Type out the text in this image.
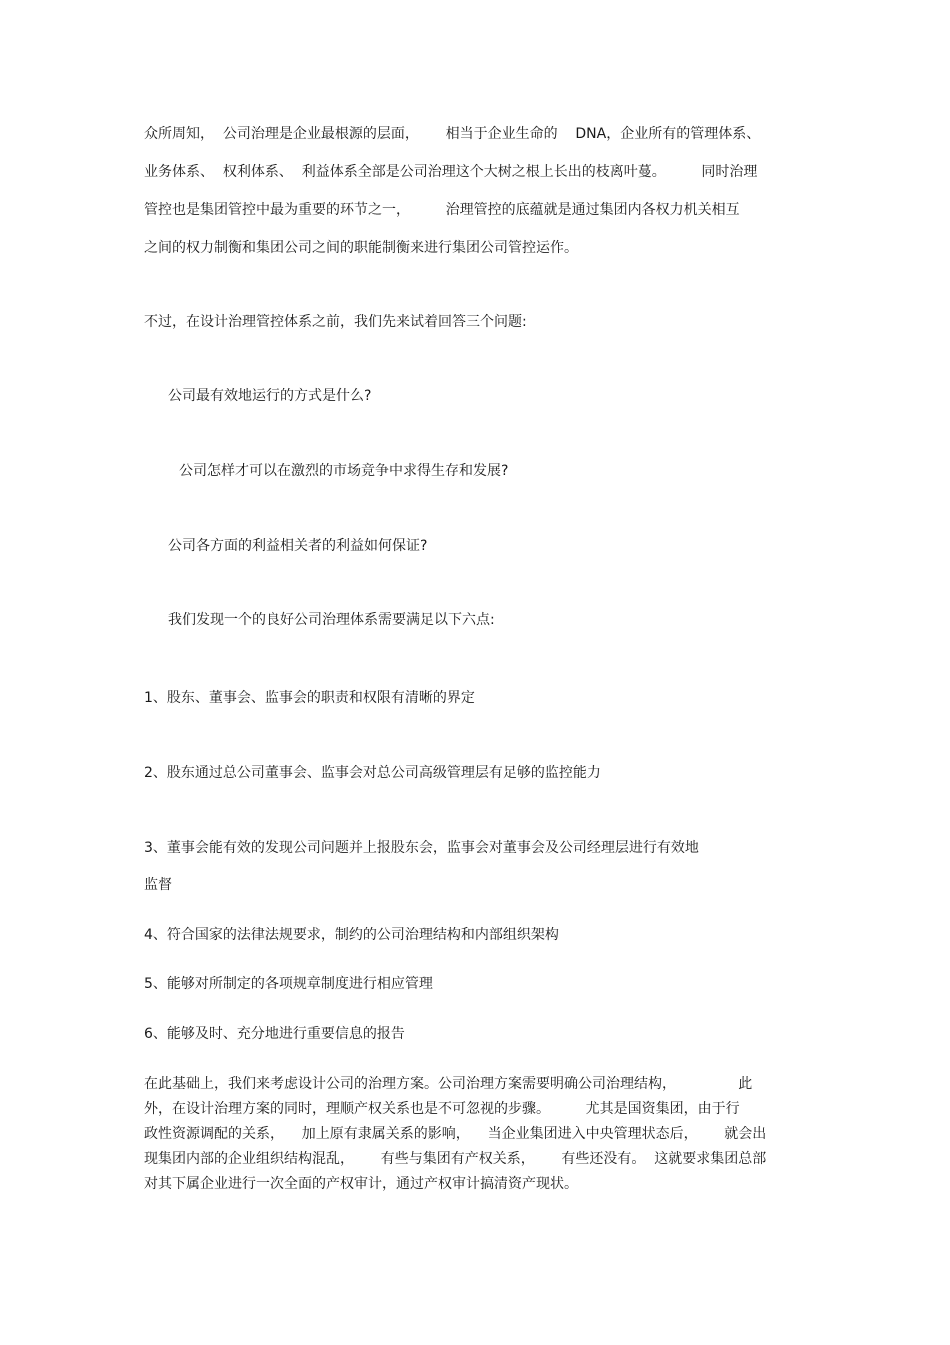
众所周知，  公司治理是企业最根源的层面，      相当于企业生命的    DNA，企业所有的管理体系、

业务体系、  权利体系、  利益体系全部是公司治理这个大树之根上长出的枝离叶蔓。        同时治理

管控也是集团管控中最为重要的环节之一，        治理管控的底蕴就是通过集团内各权力机关相互

之间的权力制衡和集团公司之间的职能制衡来进行集团公司管控运作。

不过，在设计治理管控体系之前，我们先来试着回答三个问题:

公司最有效地运行的方式是什么?

公司怎样才可以在激烈的市场竞争中求得生存和发展?

公司各方面的利益相关者的利益如何保证?

我们发现一个的良好公司治理体系需要满足以下六点:

1、股东、董事会、监事会的职责和权限有清晰的界定

2、股东通过总公司董事会、监事会对总公司高级管理层有足够的监控能力

3、董事会能有效的发现公司问题并上报股东会，监事会对董事会及公司经理层进行有效地

监督

4、符合国家的法律法规要求，制约的公司治理结构和内部组织架构

5、能够对所制定的各项规章制度进行相应管理

6、能够及时、充分地进行重要信息的报告

在此基础上，我们来考虑设计公司的治理方案。公司治理方案需要明确公司治理结构，              此

外，在设计治理方案的同时，理顺产权关系也是不可忽视的步骤。        尤其是国资集团，由于行

政性资源调配的关系，    加上原有隶属关系的影响，    当企业集团进入中央管理状态后，      就会出

现集团内部的企业组织结构混乱，      有些与集团有产权关系，      有些还没有。  这就要求集团总部

对其下属企业进行一次全面的产权审计，通过产权审计搞清资产现状。
